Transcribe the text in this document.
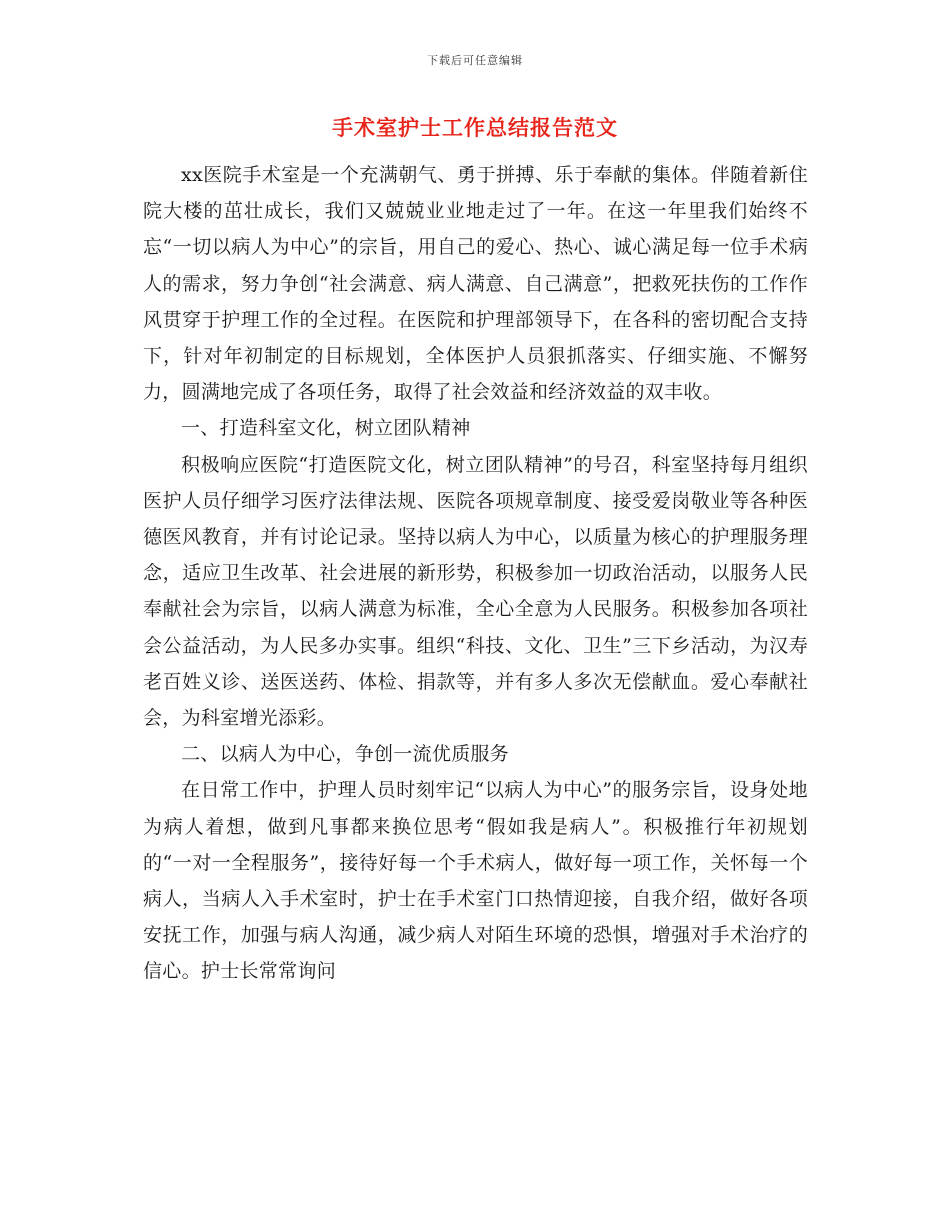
下载后可任意编辑
手术室护士工作总结报告范文

xx医院手术室是一个充满朝气、勇于拼搏、乐于奉献的集体。伴随着新住院大楼的茁壮成长，我们又兢兢业业地走过了一年。在这一年里我们始终不忘“一切以病人为中心”的宗旨，用自己的爱心、热心、诚心满足每一位手术病人的需求，努力争创“社会满意、病人满意、自己满意”，把救死扶伤的工作作风贯穿于护理工作的全过程。在医院和护理部领导下，在各科的密切配合支持下，针对年初制定的目标规划，全体医护人员狠抓落实、仔细实施、不懈努力，圆满地完成了各项任务，取得了社会效益和经济效益的双丰收。

一、打造科室文化，树立团队精神

积极响应医院“打造医院文化，树立团队精神”的号召，科室坚持每月组织医护人员仔细学习医疗法律法规、医院各项规章制度、接受爱岗敬业等各种医德医风教育，并有讨论记录。坚持以病人为中心，以质量为核心的护理服务理念，适应卫生改革、社会进展的新形势，积极参加一切政治活动，以服务人民奉献社会为宗旨，以病人满意为标准，全心全意为人民服务。积极参加各项社会公益活动，为人民多办实事。组织“科技、文化、卫生”三下乡活动，为汉寿老百姓义诊、送医送药、体检、捐款等，并有多人多次无偿献血。爱心奉献社会，为科室增光添彩。

二、以病人为中心，争创一流优质服务

在日常工作中，护理人员时刻牢记“以病人为中心”的服务宗旨，设身处地为病人着想，做到凡事都来换位思考“假如我是病人”。积极推行年初规划的“一对一全程服务”，接待好每一个手术病人，做好每一项工作，关怀每一个病人，当病人入手术室时，护士在手术室门口热情迎接，自我介绍，做好各项安抚工作，加强与病人沟通，减少病人对陌生环境的恐惧，增强对手术治疗的信心。护士长常常询问
